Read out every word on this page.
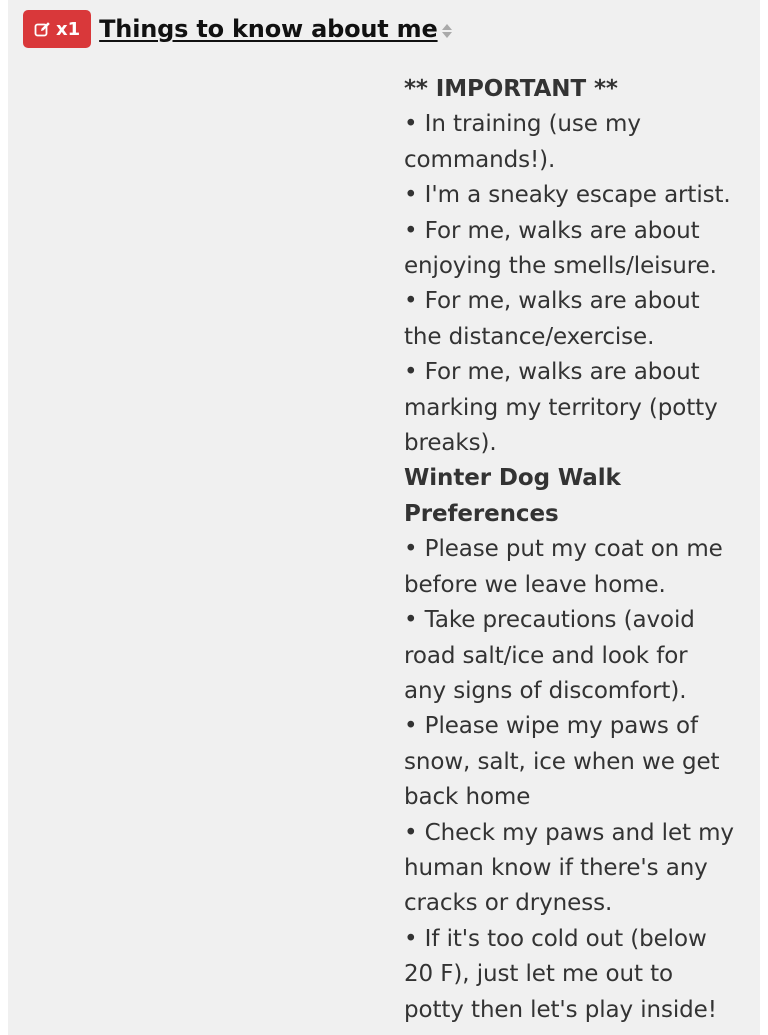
x1 Things to know about me
** IMPORTANT **
• In training (use my
commands!).
• I'm a sneaky escape artist.
• For me, walks are about
enjoying the smells/leisure.
• For me, walks are about
the distance/exercise.
• For me, walks are about
marking my territory (potty
breaks).
Winter Dog Walk
Preferences
• Please put my coat on me
before we leave home.
• Take precautions (avoid
road salt/ice and look for
any signs of discomfort).
• Please wipe my paws of
snow, salt, ice when we get
back home
• Check my paws and let my
human know if there's any
cracks or dryness.
• If it's too cold out (below
20 F), just let me out to
potty then let's play inside!
